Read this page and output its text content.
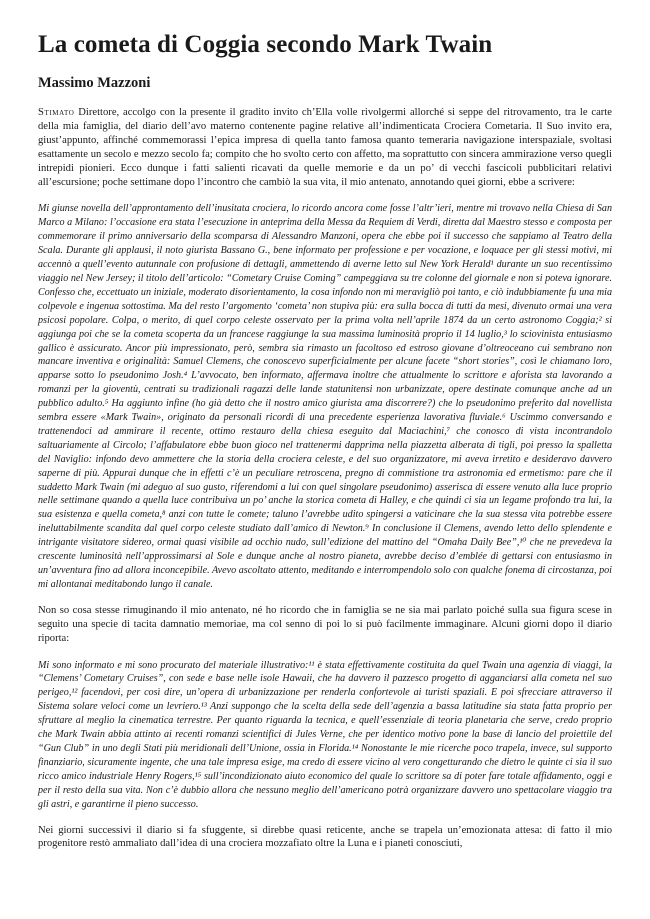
La cometa di Coggia secondo Mark Twain
Massimo Mazzoni

Stimato Direttore, accolgo con la presente il gradito invito ch’Ella volle rivolgermi allorché si seppe del ritrovamento, tra le carte della mia famiglia, del diario dell’avo materno contenente pagine relative all’indimenticata Crociera Cometaria. Il Suo invito era, giust’appunto, affinché commemorassi l’epica impresa di quella tanto famosa quanto temeraria navigazione interspaziale, svoltasi esattamente un secolo e mezzo secolo fa; compito che ho svolto certo con affetto, ma soprattutto con sincera ammirazione verso quegli intrepidi pionieri. Ecco dunque i fatti salienti ricavati da quelle memorie e da un po’ di vecchi fascicoli pubblicitari relativi all’escursione; poche settimane dopo l’incontro che cambiò la sua vita, il mio antenato, annotando quei giorni, ebbe a scrivere:

Mi giunse novella dell’approntamento dell’inusitata crociera, lo ricordo ancora come fosse l’altr’ieri, mentre mi trovavo nella Chiesa di San Marco a Milano: l’occasione era stata l’esecuzione in anteprima della Messa da Requiem di Verdi, diretta dal Maestro stesso e composta per commemorare il primo anniversario della scomparsa di Alessandro Manzoni, opera che ebbe poi il successo che sappiamo al Teatro della Scala. Durante gli applausi, il noto giurista Bassano G., bene informato per professione e per vocazione, e loquace per gli stessi motivi, mi accennò a quell’evento autunnale con profusione di dettagli, ammettendo di averne letto sul New York Herald¹ durante un suo recentissimo viaggio nel New Jersey; il titolo dell’articolo: “Cometary Cruise Coming” campeggiava su tre colonne del giornale e non si poteva ignorare. Confesso che, eccettuato un iniziale, moderato disorientamento, la cosa infondo non mi meravigliò poi tanto, e ciò indubbiamente fu una mia colpevole e ingenua sottostima. Ma del resto l’argomento ‘cometa’ non stupiva più: era sulla bocca di tutti da mesi, divenuto ormai una vera psicosi popolare. Colpa, o merito, di quel corpo celeste osservato per la prima volta nell’aprile 1874 da un certo astronomo Coggia;² si aggiunga poi che se la cometa scoperta da un francese raggiunge la sua massima luminosità proprio il 14 luglio,³ lo sciovinista entusiasmo gallico è assicurato. Ancor più impressionato, però, sembra sia rimasto un facoltoso ed estroso giovane d’oltreoceano cui sembrano non mancare inventiva e originalità: Samuel Clemens, che conoscevo superficialmente per alcune facete “short stories”, così le chiamano loro, apparse sotto lo pseudonimo Josh.⁴ L’avvocato, ben informato, affermava inoltre che attualmente lo scrittore e aforista sta lavorando a romanzi per la gioventù, centrati su tradizionali ragazzi delle lande statunitensi non urbanizzate, opere destinate comunque anche ad un pubblico adulto.⁵ Ha aggiunto infine (ho già detto che il nostro amico giurista ama discorrere?) che lo pseudonimo preferito dal novellista sembra essere «Mark Twain», originato da personali ricordi di una precedente esperienza lavorativa fluviale.⁶ Uscimmo conversando e trattenendoci ad ammirare il recente, ottimo restauro della chiesa eseguito dal Maciachini,⁷ che conosco di vista incontrandolo saltuariamente al Circolo; l’affabulatore ebbe buon gioco nel trattenermi dapprima nella piazzetta alberata di tigli, poi presso la spalletta del Naviglio: infondo devo ammettere che la storia della crociera celeste, e del suo organizzatore, mi aveva irretito e desideravo davvero saperne di più. Appurai dunque che in effetti c’è un peculiare retroscena, pregno di commistione tra astronomia ed ermetismo: pare che il suddetto Mark Twain (mi adeguo al suo gusto, riferendomi a lui con quel singolare pseudonimo) asserisca di essere venuto alla luce proprio nelle settimane quando a quella luce contribuiva un po’ anche la storica cometa di Halley, e che quindi ci sia un legame profondo tra lui, la sua esistenza e quella cometa,⁸ anzi con tutte le comete; taluno l’avrebbe udito spingersi a vaticinare che la sua stessa vita potrebbe essere ineluttabilmente scandita dal quel corpo celeste studiato dall’amico di Newton.⁹ In conclusione il Clemens, avendo letto dello splendente e intrigante visitatore sidereo, ormai quasi visibile ad occhio nudo, sull’edizione del mattino del “Omaha Daily Bee”,¹⁰ che ne prevedeva la crescente luminosità nell’approssimarsi al Sole e dunque anche al nostro pianeta, avrebbe deciso d’emblée di gettarsi con entusiasmo in un’avventura fino ad allora inconcepibile. Avevo ascoltato attento, meditando e interrompendolo solo con qualche fonema di circostanza, poi mi allontanai meditabondo lungo il canale.

Non so cosa stesse rimuginando il mio antenato, né ho ricordo che in famiglia se ne sia mai parlato poiché sulla sua figura scese in seguito una specie di tacita damnatio memoriae, ma col senno di poi lo si può facilmente immaginare. Alcuni giorni dopo il diario riporta:

Mi sono informato e mi sono procurato del materiale illustrativo:¹¹ è stata effettivamente costituita da quel Twain una agenzia di viaggi, la “Clemens’ Cometary Cruises”, con sede e base nelle isole Hawaii, che ha davvero il pazzesco progetto di agganciarsi alla cometa nel suo perigeo,¹² facendovi, per così dire, un’opera di urbanizzazione per renderla confortevole ai turisti spaziali. E poi sfrecciare attraverso il Sistema solare veloci come un levriero.¹³ Anzi suppongo che la scelta della sede dell’agenzia a bassa latitudine sia stata fatta proprio per sfruttare al meglio la cinematica terrestre. Per quanto riguarda la tecnica, e quell’essenziale di teoria planetaria che serve, credo proprio che Mark Twain abbia attinto ai recenti romanzi scientifici di Jules Verne, che per identico motivo pone la base di lancio del proiettile del “Gun Club” in uno degli Stati più meridionali dell’Unione, ossia in Florida.¹⁴ Nonostante le mie ricerche poco trapela, invece, sul supporto finanziario, sicuramente ingente, che una tale impresa esige, ma credo di essere vicino al vero congetturando che dietro le quinte ci sia il suo ricco amico industriale Henry Rogers,¹⁵ sull’incondizionato aiuto economico del quale lo scrittore sa di poter fare totale affidamento, oggi e per il resto della sua vita. Non c’è dubbio allora che nessuno meglio dell’americano potrà organizzare davvero uno spettacolare viaggio tra gli astri, e garantirne il pieno successo.

Nei giorni successivi il diario si fa sfuggente, si direbbe quasi reticente, anche se trapela un’emozionata attesa: di fatto il mio progenitore restò ammaliato dall’idea di una crociera mozzafiato oltre la Luna e i pianeti conosciuti,
